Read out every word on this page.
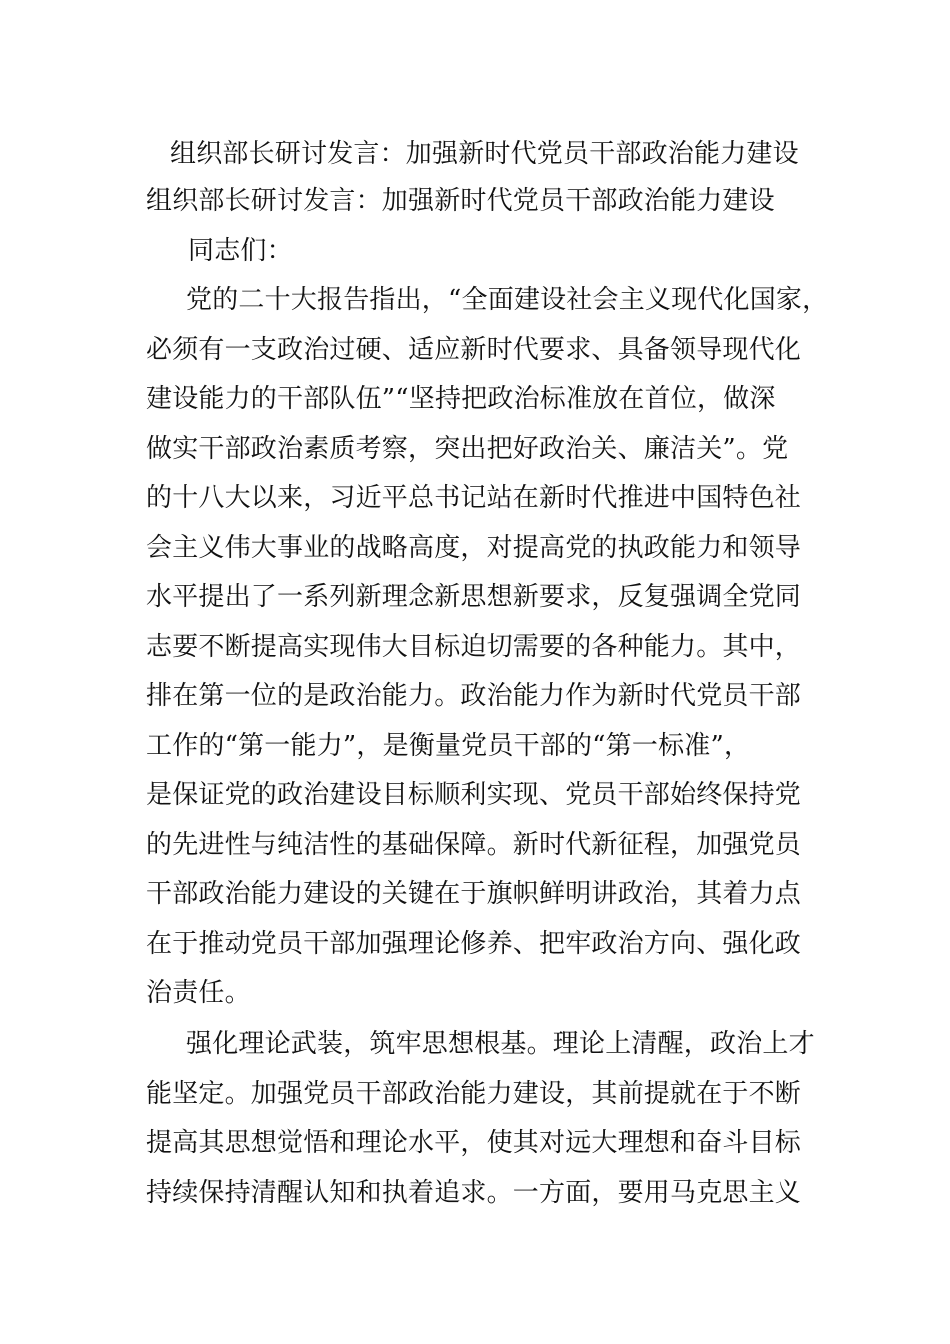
组织部长研讨发言：加强新时代党员干部政治能力建设
组织部长研讨发言：加强新时代党员干部政治能力建设
同志们：
党的二十大报告指出，“全面建设社会主义现代化国家，
必须有一支政治过硬、适应新时代要求、具备领导现代化
建设能力的干部队伍”“坚持把政治标准放在首位，做深
做实干部政治素质考察，突出把好政治关、廉洁关”。党
的十八大以来，习近平总书记站在新时代推进中国特色社
会主义伟大事业的战略高度，对提高党的执政能力和领导
水平提出了一系列新理念新思想新要求，反复强调全党同
志要不断提高实现伟大目标迫切需要的各种能力。其中，
排在第一位的是政治能力。政治能力作为新时代党员干部
工作的“第一能力”，是衡量党员干部的“第一标准”，
是保证党的政治建设目标顺利实现、党员干部始终保持党
的先进性与纯洁性的基础保障。新时代新征程，加强党员
干部政治能力建设的关键在于旗帜鲜明讲政治，其着力点
在于推动党员干部加强理论修养、把牢政治方向、强化政
治责任。
强化理论武装，筑牢思想根基。理论上清醒，政治上才
能坚定。加强党员干部政治能力建设，其前提就在于不断
提高其思想觉悟和理论水平，使其对远大理想和奋斗目标
持续保持清醒认知和执着追求。一方面，要用马克思主义
